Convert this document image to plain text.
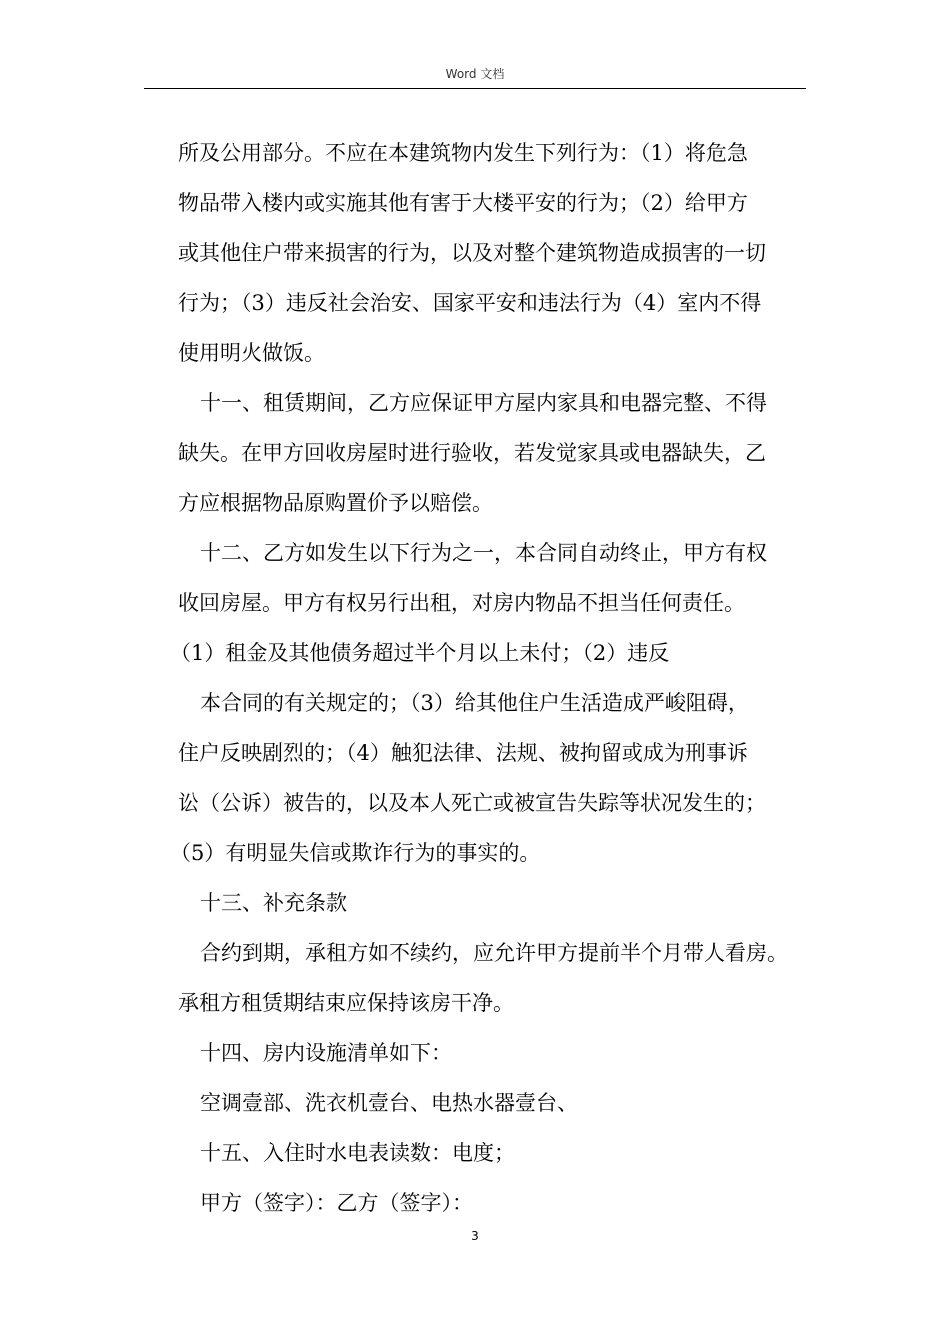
Word 文档
所及公用部分。不应在本建筑物内发生下列行为：（1）将危急
物品带入楼内或实施其他有害于大楼平安的行为；（2）给甲方
或其他住户带来损害的行为，以及对整个建筑物造成损害的一切
行为；（3）违反社会治安、国家平安和违法行为（4）室内不得
使用明火做饭。
十一、租赁期间，乙方应保证甲方屋内家具和电器完整、不得
缺失。在甲方回收房屋时进行验收，若发觉家具或电器缺失，乙
方应根据物品原购置价予以赔偿。
十二、乙方如发生以下行为之一，本合同自动终止，甲方有权
收回房屋。甲方有权另行出租，对房内物品不担当任何责任。
（1）租金及其他债务超过半个月以上未付；（2）违反
本合同的有关规定的；（3）给其他住户生活造成严峻阻碍，
住户反映剧烈的；（4）触犯法律、法规、被拘留或成为刑事诉
讼（公诉）被告的，以及本人死亡或被宣告失踪等状况发生的；
（5）有明显失信或欺诈行为的事实的。
十三、补充条款
合约到期，承租方如不续约，应允许甲方提前半个月带人看房。
承租方租赁期结束应保持该房干净。
十四、房内设施清单如下：
空调壹部、洗衣机壹台、电热水器壹台、
十五、入住时水电表读数：电度；
甲方（签字）：乙方（签字）：
3
